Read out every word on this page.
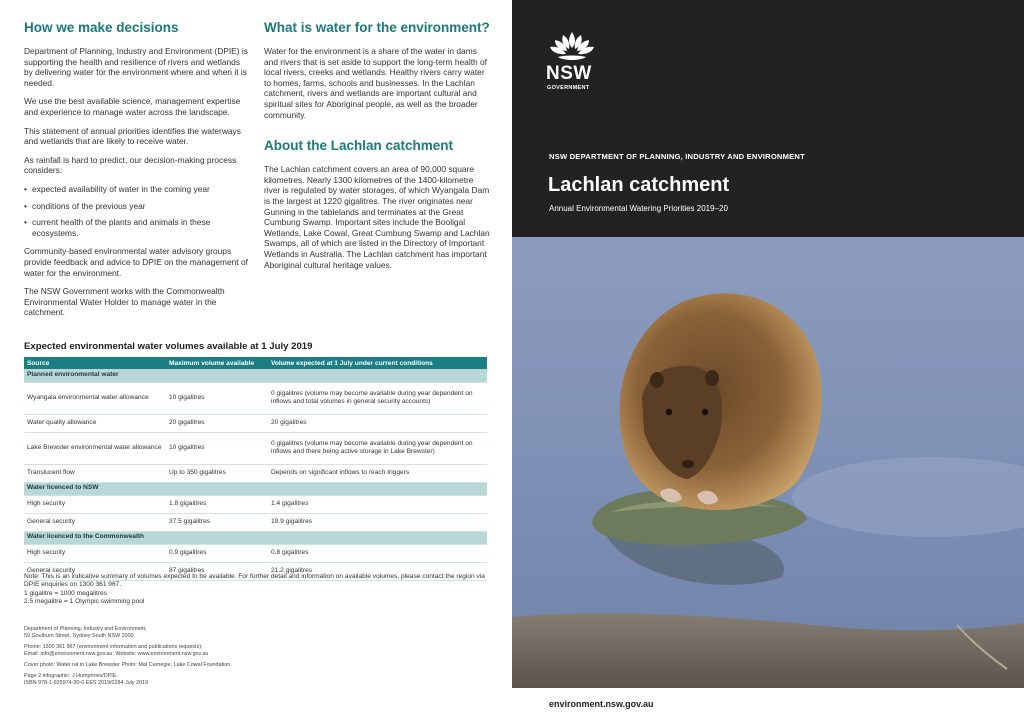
How we make decisions

Department of Planning, Industry and Environment (DPIE) is supporting the health and resilience of rivers and wetlands by delivering water for the environment where and when it is needed.

We use the best available science, management expertise and experience to manage water across the landscape.

This statement of annual priorities identifies the waterways and wetlands that are likely to receive water.

As rainfall is hard to predict, our decision-making process considers:

• expected availability of water in the coming year
• conditions of the previous year
• current health of the plants and animals in these ecosystems.

Community-based environmental water advisory groups provide feedback and advice to DPIE on the management of water for the environment.

The NSW Government works with the Commonwealth Environmental Water Holder to manage water in the catchment.

What is water for the environment?

Water for the environment is a share of the water in dams and rivers that is set aside to support the long-term health of local rivers, creeks and wetlands. Healthy rivers carry water to homes, farms, schools and businesses. In the Lachlan catchment, rivers and wetlands are important cultural and spiritual sites for Aboriginal people, as well as the broader community.

About the Lachlan catchment

The Lachlan catchment covers an area of 90,000 square kilometres. Nearly 1300 kilometres of the 1400-kilometre river is regulated by water storages, of which Wyangala Dam is the largest at 1220 gigalitres. The river originates near Gunning in the tablelands and terminates at the Great Cumbung Swamp. Important sites include the Booligal Wetlands, Lake Cowal, Great Cumbung Swamp and Lachlan Swamps, all of which are listed in the Directory of Important Wetlands in Australia. The Lachlan catchment has important Aboriginal cultural heritage values.

Expected environmental water volumes available at 1 July 2019
Source	Maximum volume available	Volume expected at 1 July under current conditions
Planned environmental water		
Wyangala environmental water allowance	10 gigalitres	0 gigalitres (volume may become available during year dependent on inflows and total volumes in general security accounts)
Water quality allowance	20 gigalitres	20 gigalitres
Lake Brewster environmental water allowance	10 gigalitres	0 gigalitres (volume may become available during year dependent on inflows and there being active storage in Lake Brewster)
Translucent flow	Up to 350 gigalitres	Depends on significant inflows to reach triggers
Water licenced to NSW		
High security	1.8 gigalitres	1.4 gigalitres
General security	37.5 gigalitres	19.9 gigalitres
Water licenced to the Commonwealth		
High security	0.9 gigalitres	0.8 gigalitres
General security	87 gigalitres	21.2 gigalitres
Note: This is an indicative summary of volumes expected to be available. For further detail and information on available volumes, please contact the region via DPIE enquiries on 1300 361 967.
1 gigalitre = 1000 megalitres
2.5 megalitre = 1 Olympic swimming pool

Department of Planning, Industry and Environment,
59 Goulburn Street, Sydney South NSW 2000.

Phone: 1300 361 967 (environment information and publications requests);
Email: info@environment.nsw.gov.au; Website: www.environment.nsw.gov.au

Cover photo: Water rat in Lake Brewster Photo: Mal Carnegie, Lake Cowal Foundation.

Page 2 infographic: J Humphries/DPIE.
ISBN 978-1-925974-30-0 EES 2019/0284 July 2019

NSW
GOVERNMENT
NSW DEPARTMENT OF PLANNING, INDUSTRY AND ENVIRONMENT
Lachlan catchment
Annual Environmental Watering Priorities 2019–20
environment.nsw.gov.au
